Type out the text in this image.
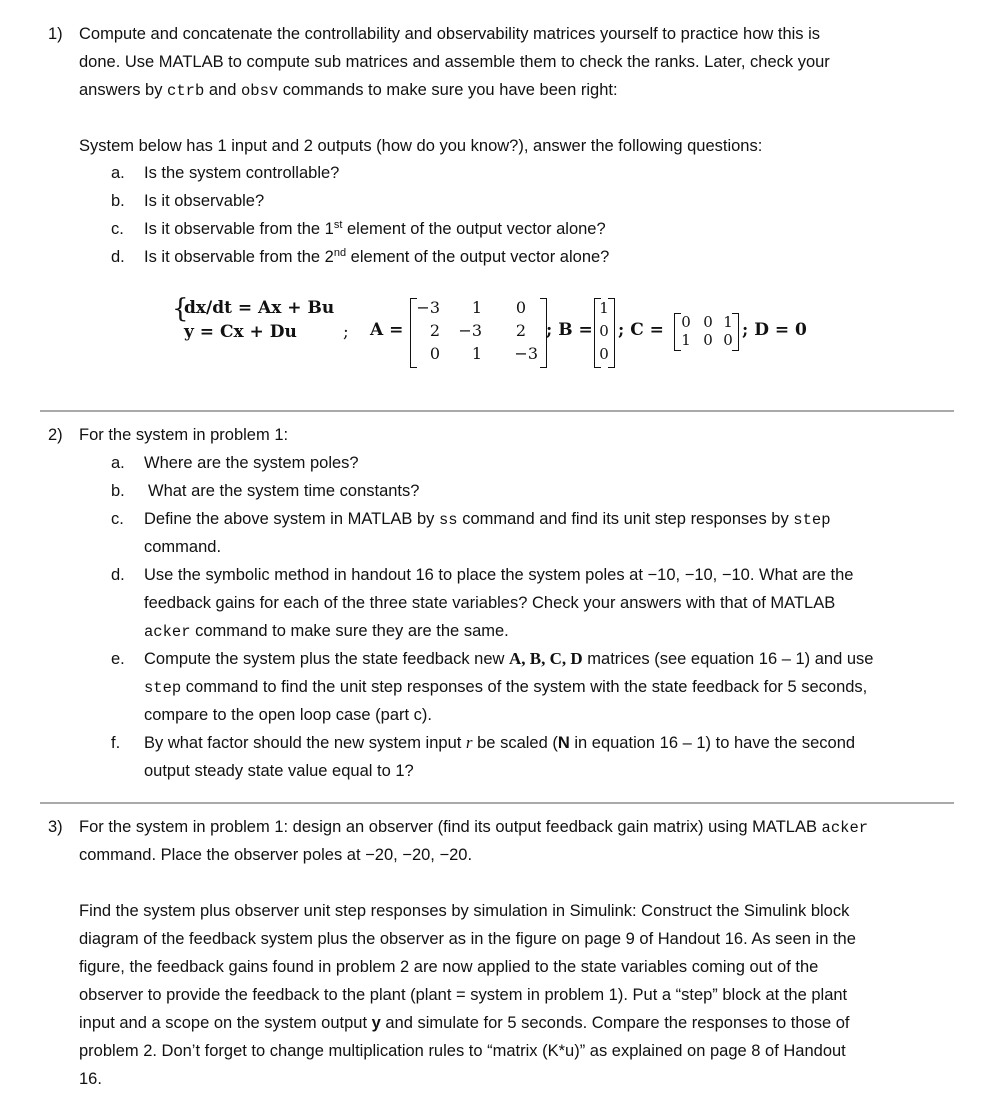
1) Compute and concatenate the controllability and observability matrices yourself to practice how this is
done. Use MATLAB to compute sub matrices and assemble them to check the ranks. Later, check your
answers by ctrb and obsv commands to make sure you have been right:
System below has 1 input and 2 outputs (how do you know?), answer the following questions:
a. Is the system controllable?
b. Is it observable?
c. Is it observable from the 1st element of the output vector alone?
d. Is it observable from the 2nd element of the output vector alone?
{
dx/dt = Ax + Bu
y = Cx + Du	; A =
−3	1	0
2	−3	2
0	1	−3
; B =
1
0
0
; C = 0 0 1
1 0 0 ; D = 0
2) For the system in problem 1:
a. Where are the system poles?
b. What are the system time constants?
c. Define the above system in MATLAB by ss command and find its unit step responses by step
command.
d. Use the symbolic method in handout 16 to place the system poles at −10, −10, −10. What are the
feedback gains for each of the three state variables? Check your answers with that of MATLAB
acker command to make sure they are the same.
e. Compute the system plus the state feedback new A, B, C, D matrices (see equation 16 – 1) and use
step command to find the unit step responses of the system with the state feedback for 5 seconds,
compare to the open loop case (part c).
f. By what factor should the new system input r be scaled (N in equation 16 – 1) to have the second
output steady state value equal to 1?
3) For the system in problem 1: design an observer (find its output feedback gain matrix) using MATLAB acker
command. Place the observer poles at −20, −20, −20.
Find the system plus observer unit step responses by simulation in Simulink: Construct the Simulink block
diagram of the feedback system plus the observer as in the figure on page 9 of Handout 16. As seen in the
figure, the feedback gains found in problem 2 are now applied to the state variables coming out of the
observer to provide the feedback to the plant (plant = system in problem 1). Put a “step” block at the plant
input and a scope on the system output y and simulate for 5 seconds. Compare the responses to those of
problem 2. Don’t forget to change multiplication rules to “matrix (K*u)” as explained on page 8 of Handout
16.
